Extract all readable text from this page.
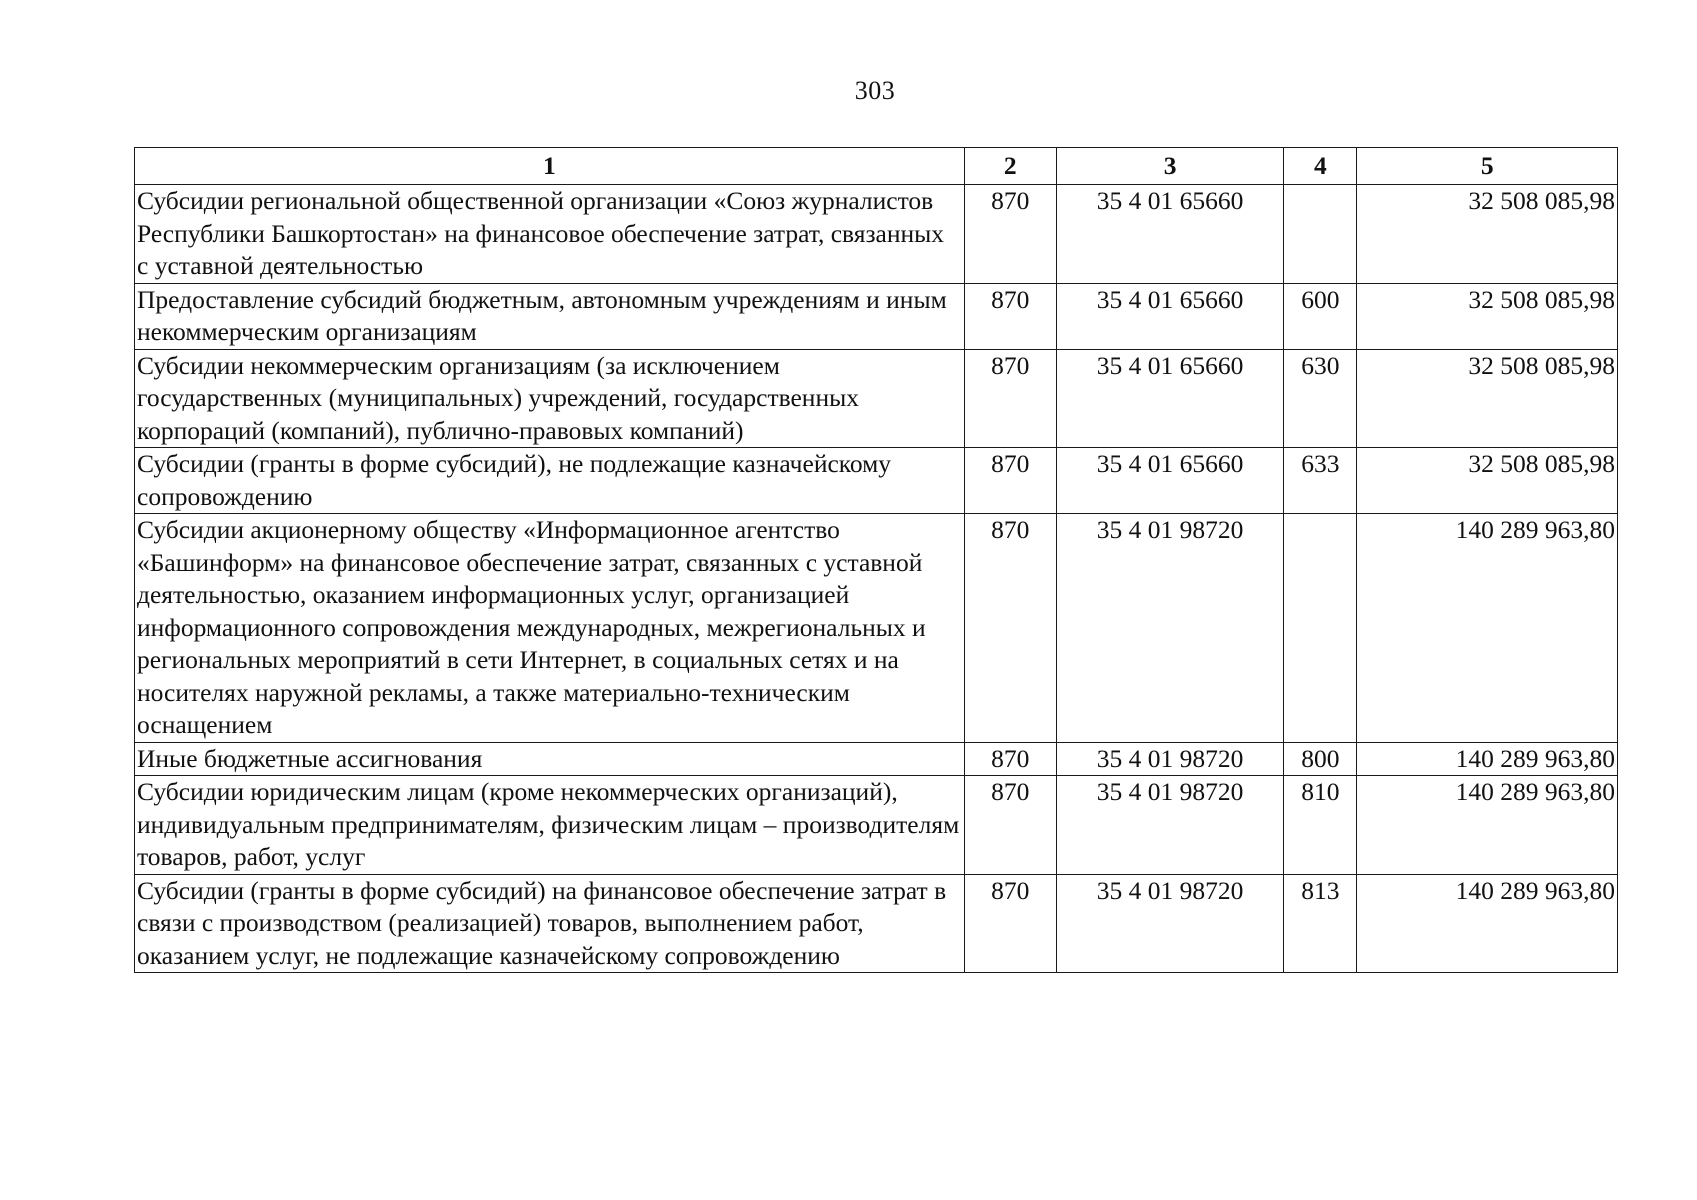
303
1	2	3	4	5
Субсидии региональной общественной организации «Союз журналистов Республики Башкортостан» на финансовое обеспечение затрат, связанных с уставной деятельностью	870	35 4 01 65660		32 508 085,98
Предоставление субсидий бюджетным, автономным учреждениям и иным некоммерческим организациям	870	35 4 01 65660	600	32 508 085,98
Субсидии некоммерческим организациям (за исключением государственных (муниципальных) учреждений, государственных корпораций (компаний), публично-правовых компаний)	870	35 4 01 65660	630	32 508 085,98
Субсидии (гранты в форме субсидий), не подлежащие казначейскому сопровождению	870	35 4 01 65660	633	32 508 085,98
Субсидии акционерному обществу «Информационное агентство «Башинформ» на финансовое обеспечение затрат, связанных с уставной деятельностью, оказанием информационных услуг, организацией информационного сопровождения международных, межрегиональных и региональных мероприятий в сети Интернет, в социальных сетях и на носителях наружной рекламы, а также материально-техническим оснащением	870	35 4 01 98720		140 289 963,80
Иные бюджетные ассигнования	870	35 4 01 98720	800	140 289 963,80
Субсидии юридическим лицам (кроме некоммерческих организаций), индивидуальным предпринимателям, физическим лицам – производителям товаров, работ, услуг	870	35 4 01 98720	810	140 289 963,80
Субсидии (гранты в форме субсидий) на финансовое обеспечение затрат в связи с производством (реализацией) товаров, выполнением работ, оказанием услуг, не подлежащие казначейскому сопровождению	870	35 4 01 98720	813	140 289 963,80
